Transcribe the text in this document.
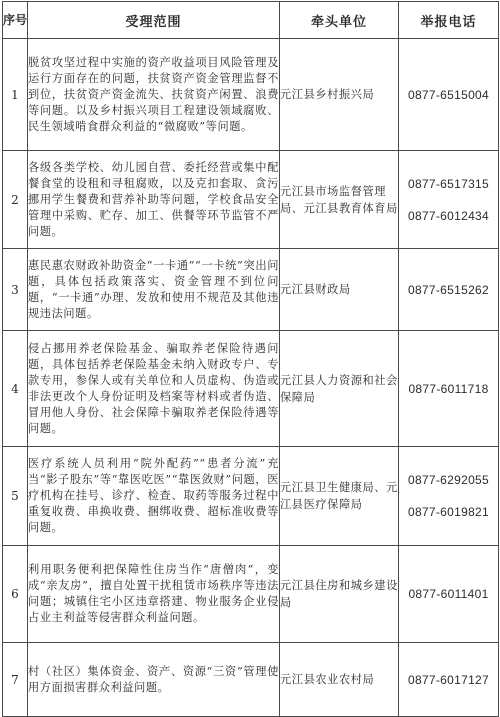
序号	受理范围	牵头单位	举报电话
1	脱贫攻坚过程中实施的资产收益项目风险管理及运行方面存在的问题，扶贫资产资金管理监督不到位，扶贫资产资金流失、扶贫资产闲置、浪费等问题。以及乡村振兴项目工程建设领域腐败、民生领域啃食群众利益的“微腐败”等问题。	元江县乡村振兴局	0877-6515004

2	各级各类学校、幼儿园自营、委托经营或集中配餐食堂的设租和寻租腐败，以及克扣套取、贪污挪用学生餐费和营养补助等问题，学校食品安全管理中采购、贮存、加工、供餐等环节监管不严问题。	元江县市场监督管理局、元江县教育体育局	0877-6517315
0877-6012434

3	惠民惠农财政补助资金“一卡通”“一卡统”突出问题，具体包括政策落实、资金管理不到位问题，“一卡通”办理、发放和使用不规范及其他违规违法问题。	元江县财政局	0877-6515262

4	侵占挪用养老保险基金、骗取养老保险待遇问题，具体包括养老保险基金未纳入财政专户、专款专用，参保人或有关单位和人员虚构、伪造或非法更改个人身份证明及档案等材料或者伪造、冒用他人身份、社会保障卡骗取养老保险待遇等问题。	元江县人力资源和社会保障局	0877-6011718

5	医疗系统人员利用“院外配药”“患者分流”充当“影子股东”等“靠医吃医”“靠医敛财”问题，医疗机构在挂号、诊疗、检查、取药等服务过程中重复收费、串换收费、捆绑收费、超标准收费等问题。	元江县卫生健康局、元江县医疗保障局	0877-6292055
0877-6019821

6	利用职务便利把保障性住房当作“唐僧肉”，变成“亲友房”，擅自处置干扰租赁市场秩序等违法问题；城镇住宅小区违章搭建、物业服务企业侵占业主利益等侵害群众利益问题。	元江县住房和城乡建设局	0877-6011401

7	村（社区）集体资金、资产、资源“三资”管理使用方面损害群众利益问题。	元江县农业农村局	0877-6017127
